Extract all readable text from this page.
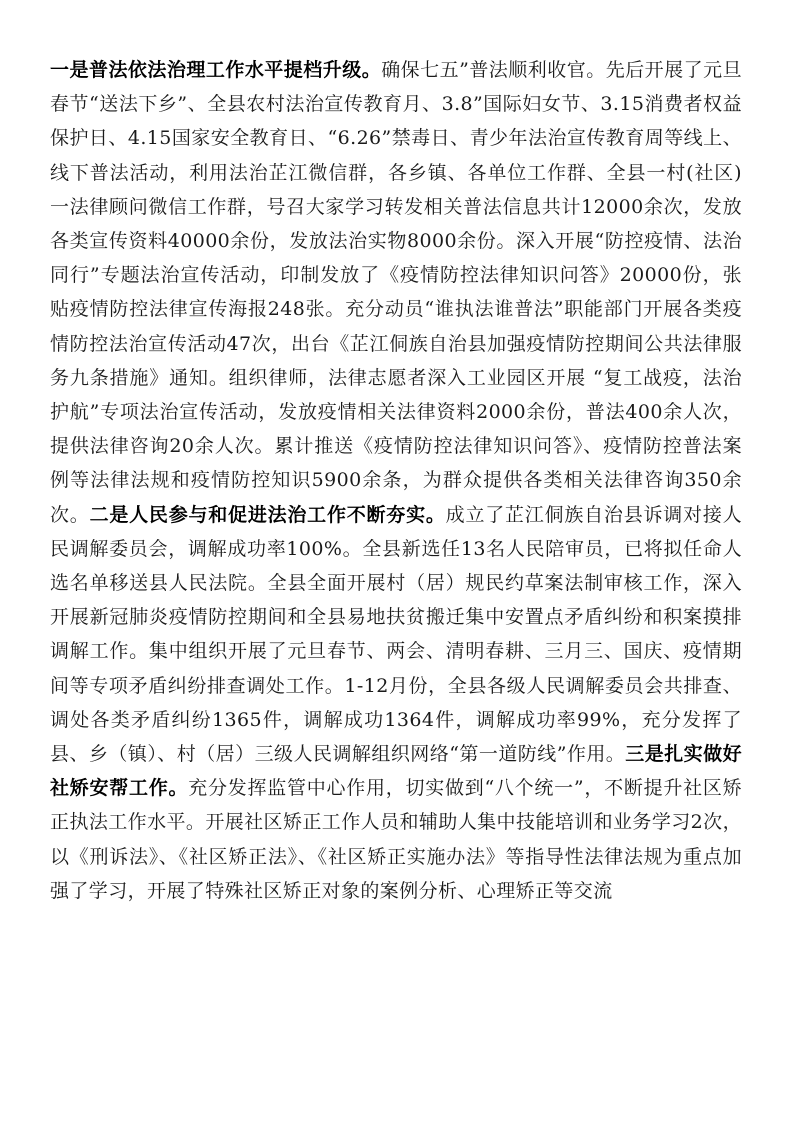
一是普法依法治理工作水平提档升级。确保七五”普法顺利收官。先后开展了元旦春节“送法下乡”、全县农村法治宣传教育月、3.8”国际妇女节、3.15消费者权益保护日、4.15国家安全教育日、“6.26”禁毒日、青少年法治宣传教育周等线上、线下普法活动，利用法治芷江微信群，各乡镇、各单位工作群、全县一村(社区)一法律顾问微信工作群，号召大家学习转发相关普法信息共计12000余次，发放各类宣传资料40000余份，发放法治实物8000余份。深入开展“防控疫情、法治同行”专题法治宣传活动，印制发放了《疫情防控法律知识问答》20000份，张贴疫情防控法律宣传海报248张。充分动员“谁执法谁普法”职能部门开展各类疫情防控法治宣传活动47次，出台《芷江侗族自治县加强疫情防控期间公共法律服务九条措施》通知。组织律师，法律志愿者深入工业园区开展 “复工战疫，法治护航”专项法治宣传活动，发放疫情相关法律资料2000余份，普法400余人次，提供法律咨询20余人次。累计推送《疫情防控法律知识问答》、疫情防控普法案例等法律法规和疫情防控知识5900余条，为群众提供各类相关法律咨询350余次。二是人民参与和促进法治工作不断夯实。成立了芷江侗族自治县诉调对接人民调解委员会，调解成功率100%。全县新选任13名人民陪审员，已将拟任命人选名单移送县人民法院。全县全面开展村（居）规民约草案法制审核工作，深入开展新冠肺炎疫情防控期间和全县易地扶贫搬迁集中安置点矛盾纠纷和积案摸排调解工作。集中组织开展了元旦春节、两会、清明春耕、三月三、国庆、疫情期间等专项矛盾纠纷排查调处工作。1-12月份，全县各级人民调解委员会共排查、调处各类矛盾纠纷1365件，调解成功1364件，调解成功率99%，充分发挥了县、乡（镇）、村（居）三级人民调解组织网络“第一道防线”作用。三是扎实做好社矫安帮工作。充分发挥监管中心作用，切实做到“八个统一”，不断提升社区矫正执法工作水平。开展社区矫正工作人员和辅助人集中技能培训和业务学习2次，以《刑诉法》、《社区矫正法》、《社区矫正实施办法》等指导性法律法规为重点加强了学习，开展了特殊社区矫正对象的案例分析、心理矫正等交流
